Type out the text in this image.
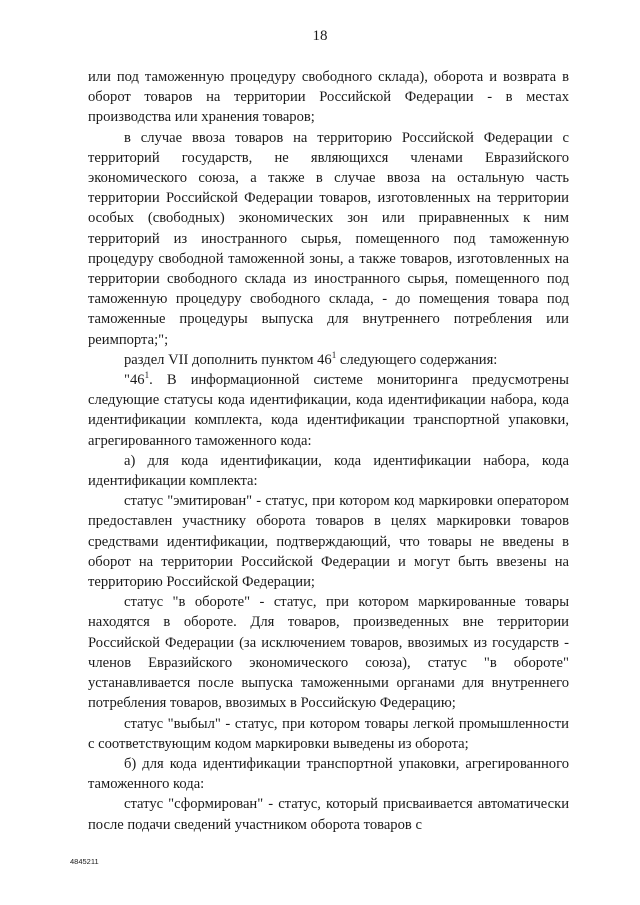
18

или под таможенную процедуру свободного склада), оборота и возврата в оборот товаров на территории Российской Федерации - в местах производства или хранения товаров;

в случае ввоза товаров на территорию Российской Федерации с территорий государств, не являющихся членами Евразийского экономического союза, а также в случае ввоза на остальную часть территории Российской Федерации товаров, изготовленных на территории особых (свободных) экономических зон или приравненных к ним территорий из иностранного сырья, помещенного под таможенную процедуру свободной таможенной зоны, а также товаров, изготовленных на территории свободного склада из иностранного сырья, помещенного под таможенную процедуру свободного склада, - до помещения товара под таможенные процедуры выпуска для внутреннего потребления или реимпорта;";

раздел VII дополнить пунктом $46^1$ следующего содержания:

"$46^1$. В информационной системе мониторинга предусмотрены следующие статусы кода идентификации, кода идентификации набора, кода идентификации комплекта, кода идентификации транспортной упаковки, агрегированного таможенного кода:

а) для кода идентификации, кода идентификации набора, кода идентификации комплекта:

статус "эмитирован" - статус, при котором код маркировки оператором предоставлен участнику оборота товаров в целях маркировки товаров средствами идентификации, подтверждающий, что товары не введены в оборот на территории Российской Федерации и могут быть ввезены на территорию Российской Федерации;

статус "в обороте" - статус, при котором маркированные товары находятся в обороте. Для товаров, произведенных вне территории Российской Федерации (за исключением товаров, ввозимых из государств - членов Евразийского экономического союза), статус "в обороте" устанавливается после выпуска таможенными органами для внутреннего потребления товаров, ввозимых в Российскую Федерацию;

статус "выбыл" - статус, при котором товары легкой промышленности с соответствующим кодом маркировки выведены из оборота;

б) для кода идентификации транспортной упаковки, агрегированного таможенного кода:

статус "сформирован" - статус, который присваивается автоматически после подачи сведений участником оборота товаров с

4845211
